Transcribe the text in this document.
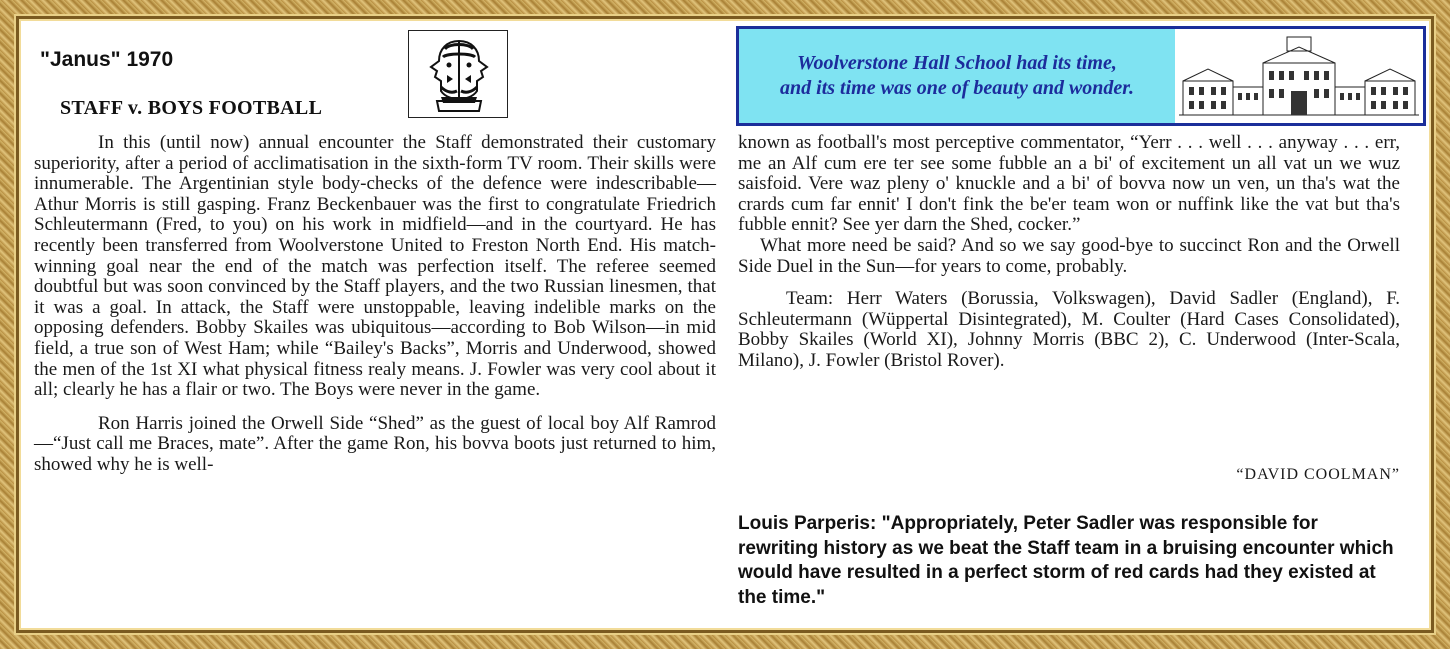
"Janus" 1970
STAFF v. BOYS FOOTBALL

In this (until now) annual encounter the Staff demonstrated their customary superiority, after a period of acclimatisation in the sixth-form TV room. Their skills were innumerable. The Argentinian style body-checks of the defence were indescribable—Athur Morris is still gasping. Franz Beckenbauer was the first to congratulate Friedrich Schleutermann (Fred, to you) on his work in midfield—and in the courtyard. He has recently been transferred from Woolverstone United to Freston North End. His match-winning goal near the end of the match was perfection itself. The referee seemed doubtful but was soon convinced by the Staff players, and the two Russian linesmen, that it was a goal. In attack, the Staff were unstoppable, leaving indelible marks on the opposing defenders. Bobby Skailes was ubiquitous—according to Bob Wilson—in mid field, a true son of West Ham; while “Bailey's Backs”, Morris and Underwood, showed the men of the 1st XI what physical fitness realy means. J. Fowler was very cool about it all; clearly he has a flair or two. The Boys were never in the game.

Ron Harris joined the Orwell Side “Shed” as the guest of local boy Alf Ramrod—“Just call me Braces, mate”. After the game Ron, his bovva boots just returned to him, showed why he is well-

Woolverstone Hall School had its time,
and its time was one of beauty and wonder.

known as football's most perceptive commentator, “Yerr . . . well . . . anyway . . . err, me an Alf cum ere ter see some fubble an a bi' of excitement un all vat un we wuz saisfoid. Vere waz pleny o' knuckle and a bi' of bovva now un ven, un tha's wat the crards cum far ennit' I don't fink the be'er team won or nuffink like the vat but tha's fubble ennit? See yer darn the Shed, cocker.”

What more need be said? And so we say good-bye to succinct Ron and the Orwell Side Duel in the Sun—for years to come, probably.

Team: Herr Waters (Borussia, Volkswagen), David Sadler (England), F. Schleutermann (Wüppertal Disintegrated), M. Coulter (Hard Cases Consolidated), Bobby Skailes (World XI), Johnny Morris (BBC 2), C. Underwood (Inter-Scala, Milano), J. Fowler (Bristol Rover).

“DAVID COOLMAN”
Louis Parperis: "Appropriately, Peter Sadler was responsible for rewriting history as we beat the Staff team in a bruising encounter which would have resulted in a perfect storm of red cards had they existed at the time."
